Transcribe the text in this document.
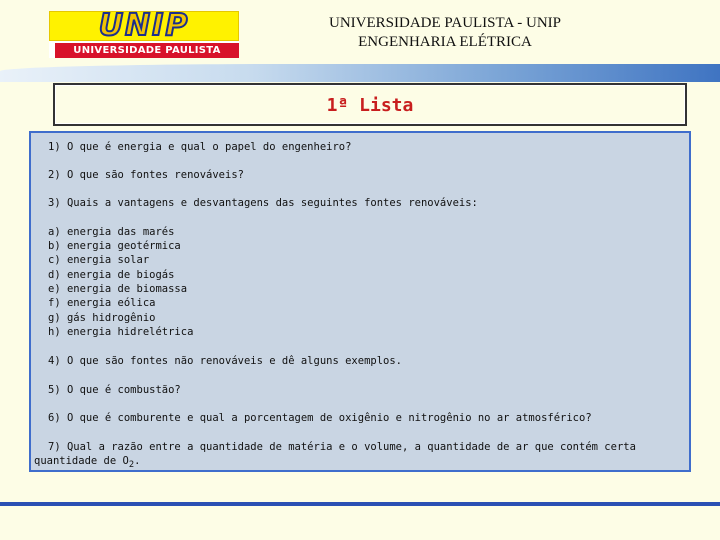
UNIP
UNIVERSIDADE PAULISTA
UNIVERSIDADE PAULISTA - UNIP
ENGENHARIA ELÉTRICA
1ª Lista
1) O que é energia e qual o papel do engenheiro?
2) O que são fontes renováveis?
3) Quais a vantagens e desvantagens das seguintes fontes renováveis:
a) energia das marés
b) energia geotérmica
c) energia solar
d) energia de biogás
e) energia de biomassa
f) energia eólica
g) gás hidrogênio
h) energia hidrelétrica
4) O que são fontes não renováveis e dê alguns exemplos.
5) O que é combustão?
6) O que é comburente e qual a porcentagem de oxigênio e nitrogênio no ar atmosférico?
7) Qual a razão entre a quantidade de matéria e o volume, a quantidade de ar que contém certa
quantidade de $O_2$.
